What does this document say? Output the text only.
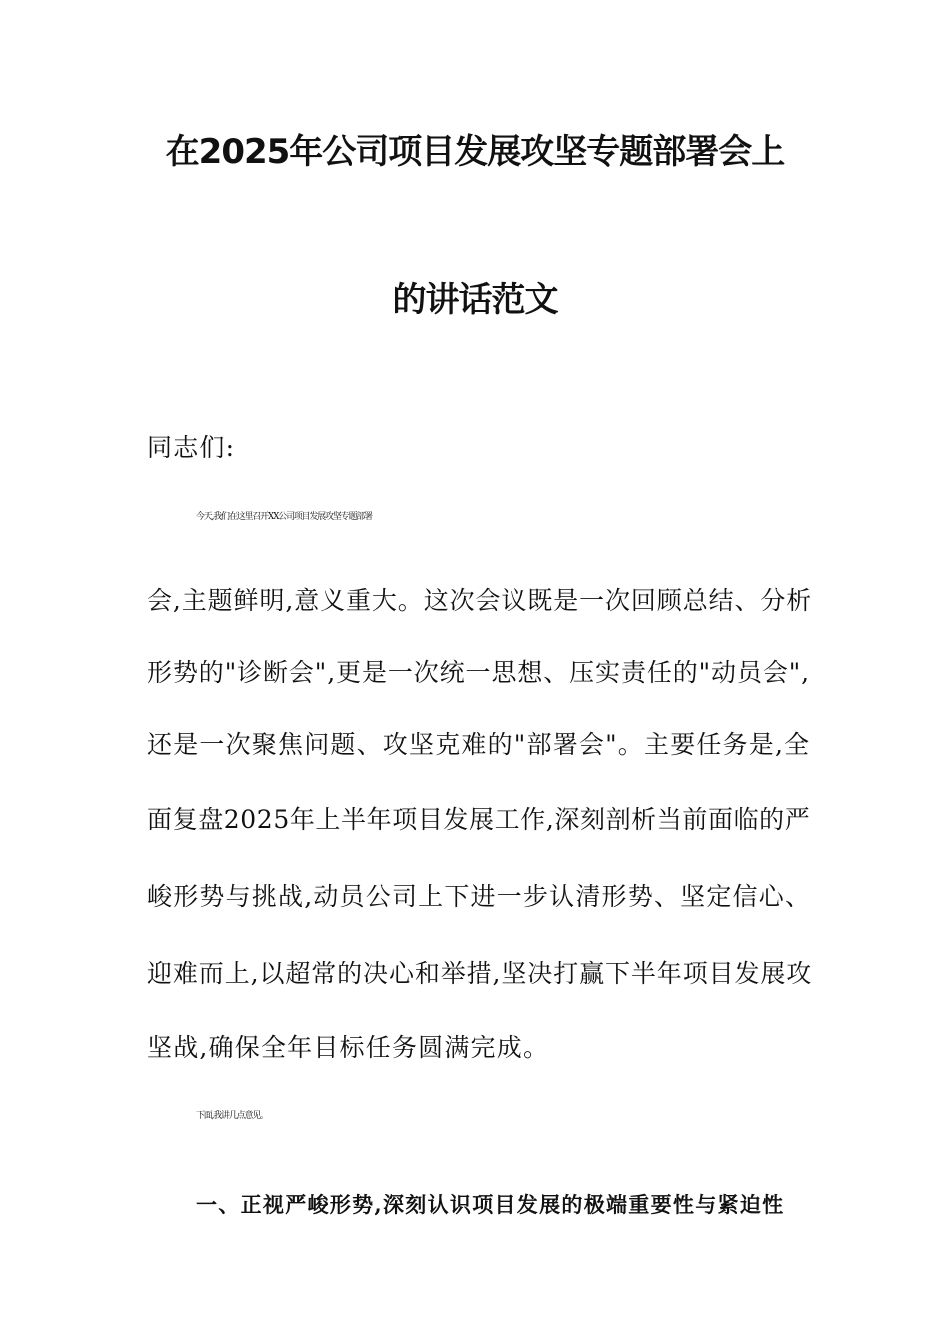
在2025年公司项目发展攻坚专题部署会上
的讲话范文
同志们:
今天,我们在这里召开XX公司项目发展攻坚专题部署
会,主题鲜明,意义重大。这次会议既是一次回顾总结、分析
形势的"诊断会",更是一次统一思想、压实责任的"动员会",
还是一次聚焦问题、攻坚克难的"部署会"。主要任务是,全
面复盘2025年上半年项目发展工作,深刻剖析当前面临的严
峻形势与挑战,动员公司上下进一步认清形势、坚定信心、
迎难而上,以超常的决心和举措,坚决打赢下半年项目发展攻
坚战,确保全年目标任务圆满完成。
下面,我讲几点意见。
一、正视严峻形势,深刻认识项目发展的极端重要性与紧迫性
